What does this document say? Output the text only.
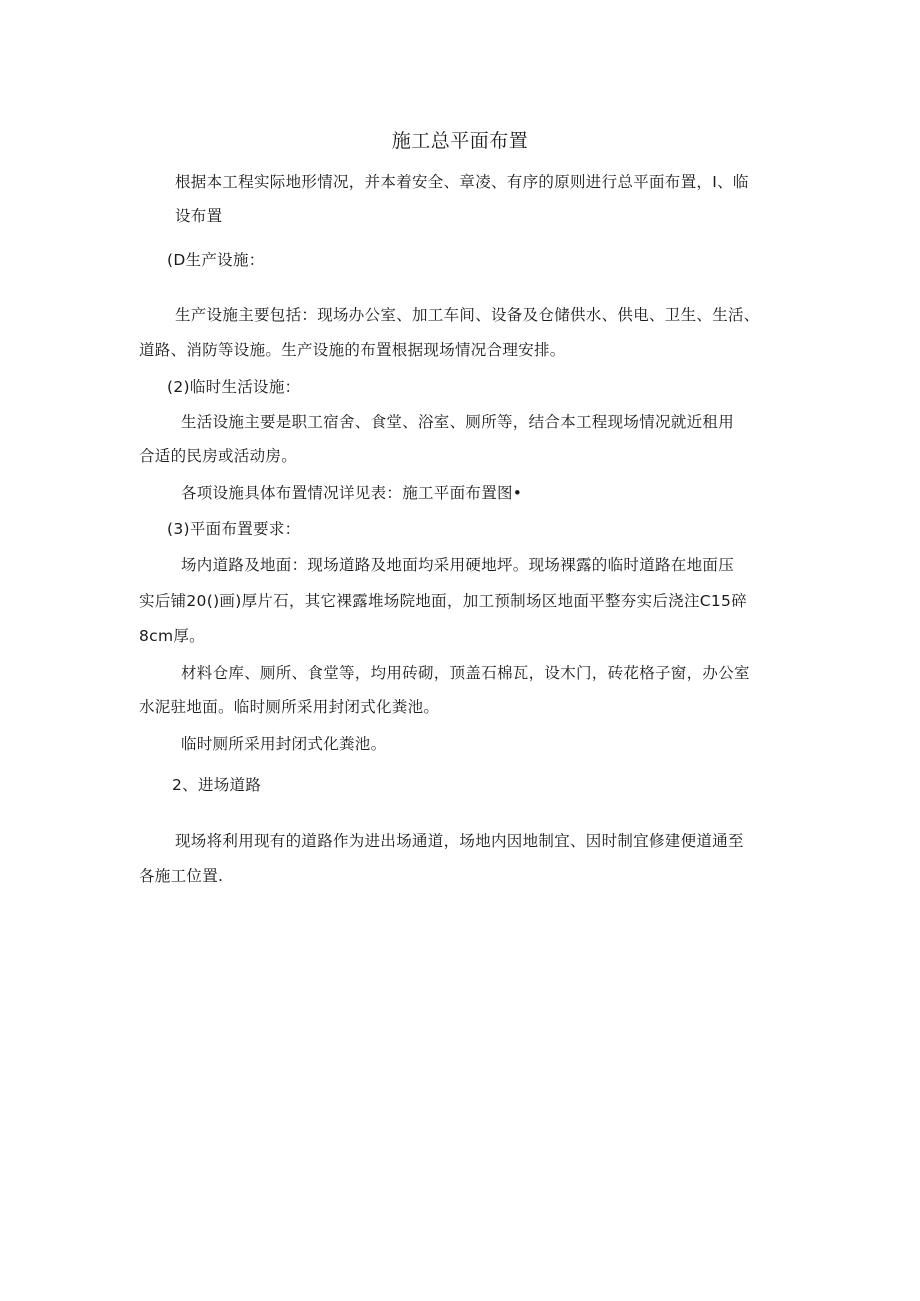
施工总平面布置

根据本工程实际地形情况，并本着安全、章凌、有序的原则进行总平面布置，I、临

设布置

(D生产设施：

生产设施主要包括：现场办公室、加工车间、设备及仓储供水、供电、卫生、生活、

道路、消防等设施。生产设施的布置根据现场情况合理安排。

(2)临时生活设施：

生活设施主要是职工宿舍、食堂、浴室、厕所等，结合本工程现场情况就近租用

合适的民房或活动房。

各项设施具体布置情况详见表：施工平面布置图•

(3)平面布置要求：

场内道路及地面：现场道路及地面均采用硬地坪。现场裸露的临时道路在地面压

实后铺20()画)厚片石，其它裸露堆场院地面，加工预制场区地面平整夯实后浇注C15碎

8cm厚。

材料仓库、厕所、食堂等，均用砖砌，顶盖石棉瓦，设木门，砖花格子窗，办公室

水泥驻地面。临时厕所采用封闭式化粪池。

临时厕所采用封闭式化粪池。

2、进场道路

现场将利用现有的道路作为进出场通道，场地内因地制宜、因时制宜修建便道通至

各施工位置.
